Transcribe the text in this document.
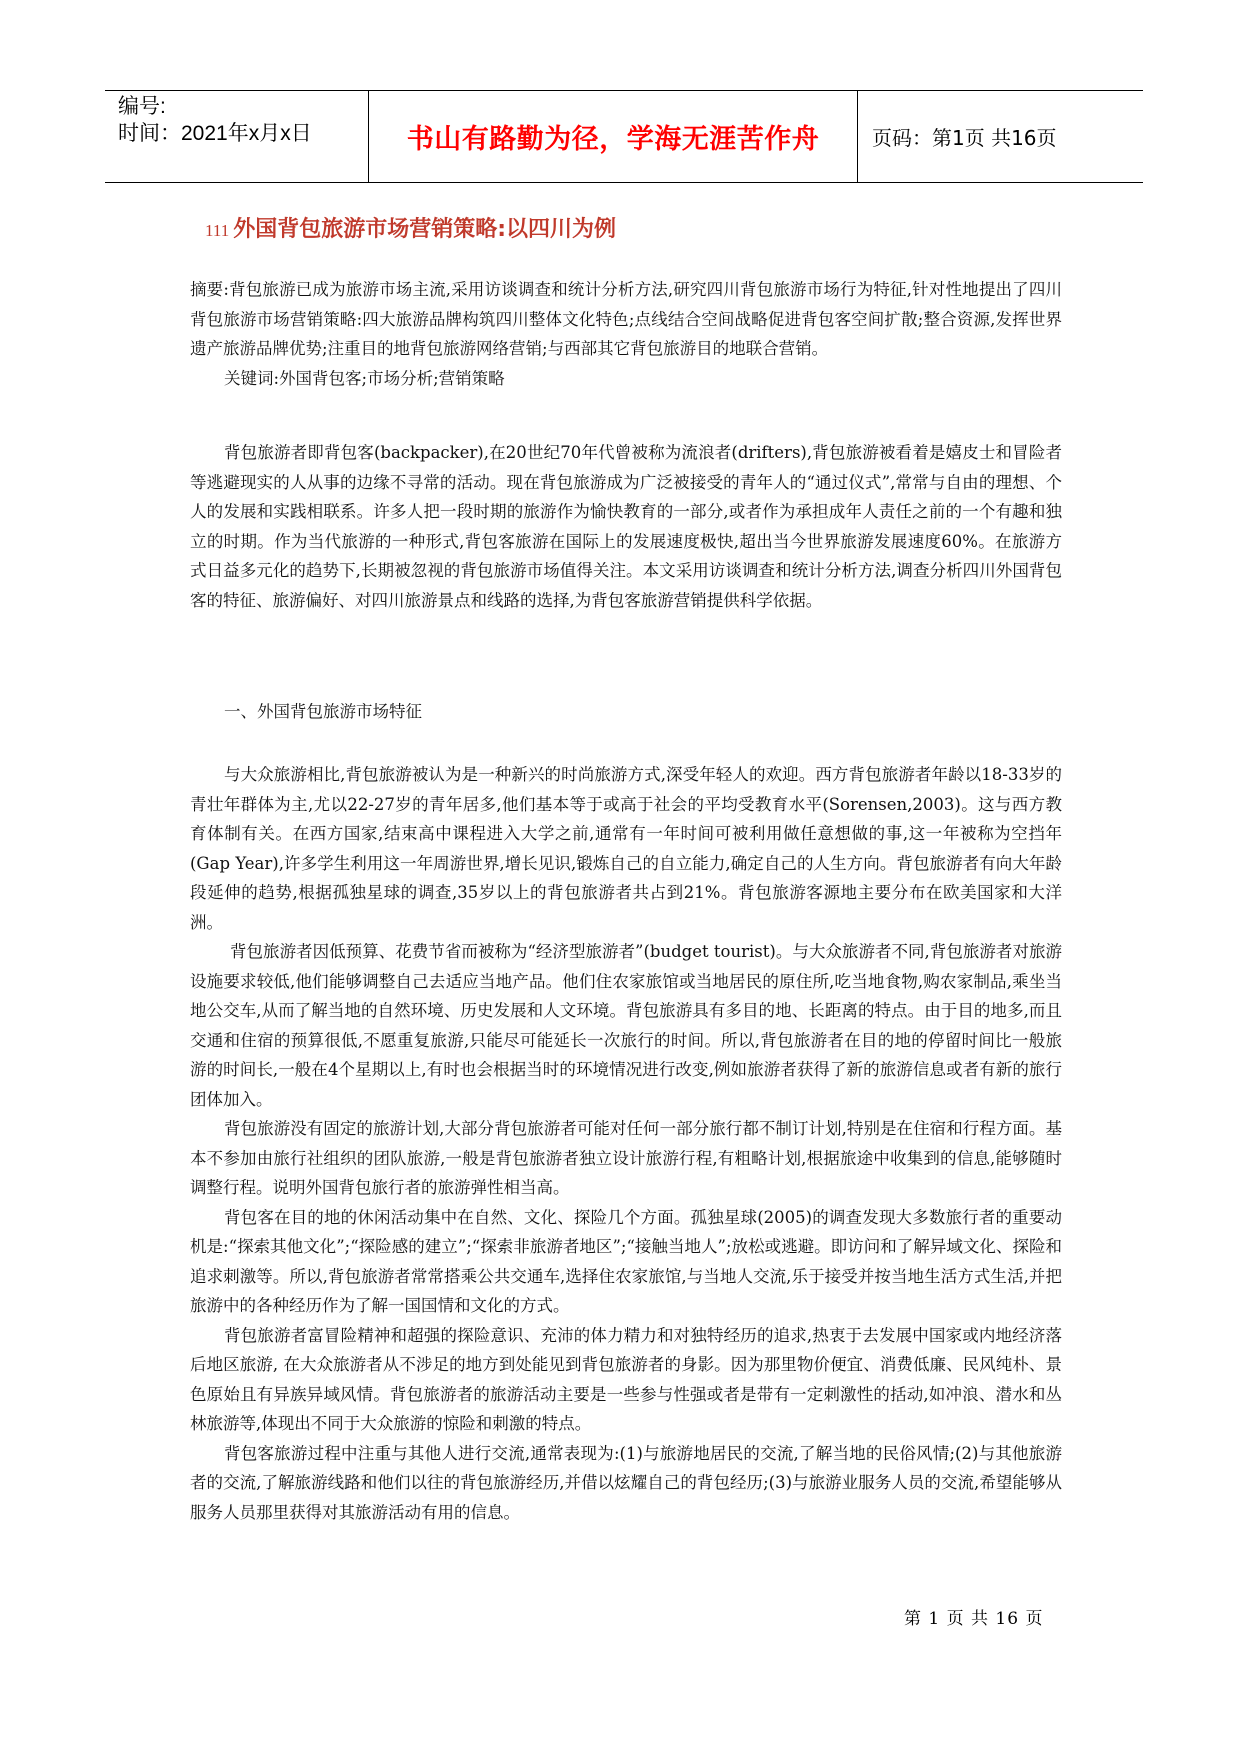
编号:
时间：2021年x月x日	书山有路勤为径，学海无涯苦作舟	页码：第1页 共16页
111 外国背包旅游市场营销策略:以四川为例

摘要:背包旅游已成为旅游市场主流,采用访谈调查和统计分析方法,研究四川背包旅游市场行为特征,针对性地提出了四川背包旅游市场营销策略:四大旅游品牌构筑四川整体文化特色;点线结合空间战略促进背包客空间扩散;整合资源,发挥世界遗产旅游品牌优势;注重目的地背包旅游网络营销;与西部其它背包旅游目的地联合营销。

关键词:外国背包客;市场分析;营销策略

背包旅游者即背包客(backpacker),在20世纪70年代曾被称为流浪者(drifters),背包旅游被看着是嬉皮士和冒险者等逃避现实的人从事的边缘不寻常的活动。现在背包旅游成为广泛被接受的青年人的“通过仪式”,常常与自由的理想、个人的发展和实践相联系。许多人把一段时期的旅游作为愉快教育的一部分,或者作为承担成年人责任之前的一个有趣和独立的时期。作为当代旅游的一种形式,背包客旅游在国际上的发展速度极快,超出当今世界旅游发展速度60%。在旅游方式日益多元化的趋势下,长期被忽视的背包旅游市场值得关注。本文采用访谈调查和统计分析方法,调查分析四川外国背包客的特征、旅游偏好、对四川旅游景点和线路的选择,为背包客旅游营销提供科学依据。

一、外国背包旅游市场特征

与大众旅游相比,背包旅游被认为是一种新兴的时尚旅游方式,深受年轻人的欢迎。西方背包旅游者年龄以18-33岁的青壮年群体为主,尤以22-27岁的青年居多,他们基本等于或高于社会的平均受教育水平(Sorensen,2003)。这与西方教育体制有关。在西方国家,结束高中课程进入大学之前,通常有一年时间可被利用做任意想做的事,这一年被称为空挡年(Gap Year),许多学生利用这一年周游世界,增长见识,锻炼自己的自立能力,确定自己的人生方向。背包旅游者有向大年龄段延伸的趋势,根据孤独星球的调查,35岁以上的背包旅游者共占到21%。背包旅游客源地主要分布在欧美国家和大洋洲。

背包旅游者因低预算、花费节省而被称为“经济型旅游者”(budget tourist)。与大众旅游者不同,背包旅游者对旅游设施要求较低,他们能够调整自己去适应当地产品。他们住农家旅馆或当地居民的原住所,吃当地食物,购农家制品,乘坐当地公交车,从而了解当地的自然环境、历史发展和人文环境。背包旅游具有多目的地、长距离的特点。由于目的地多,而且交通和住宿的预算很低,不愿重复旅游,只能尽可能延长一次旅行的时间。所以,背包旅游者在目的地的停留时间比一般旅游的时间长,一般在4个星期以上,有时也会根据当时的环境情况进行改变,例如旅游者获得了新的旅游信息或者有新的旅行团体加入。

背包旅游没有固定的旅游计划,大部分背包旅游者可能对任何一部分旅行都不制订计划,特别是在住宿和行程方面。基本不参加由旅行社组织的团队旅游,一般是背包旅游者独立设计旅游行程,有粗略计划,根据旅途中收集到的信息,能够随时调整行程。说明外国背包旅行者的旅游弹性相当高。

背包客在目的地的休闲活动集中在自然、文化、探险几个方面。孤独星球(2005)的调查发现大多数旅行者的重要动机是:“探索其他文化”;“探险感的建立”;“探索非旅游者地区”;“接触当地人”;放松或逃避。即访问和了解异域文化、探险和追求刺激等。所以,背包旅游者常常搭乘公共交通车,选择住农家旅馆,与当地人交流,乐于接受并按当地生活方式生活,并把旅游中的各种经历作为了解一国国情和文化的方式。

背包旅游者富冒险精神和超强的探险意识、充沛的体力精力和对独特经历的追求,热衷于去发展中国家或内地经济落后地区旅游, 在大众旅游者从不涉足的地方到处能见到背包旅游者的身影。因为那里物价便宜、消费低廉、民风纯朴、景色原始且有异族异域风情。背包旅游者的旅游活动主要是一些参与性强或者是带有一定刺激性的括动,如冲浪、潜水和丛林旅游等,体现出不同于大众旅游的惊险和刺激的特点。

背包客旅游过程中注重与其他人进行交流,通常表现为:(1)与旅游地居民的交流,了解当地的民俗风情;(2)与其他旅游者的交流,了解旅游线路和他们以往的背包旅游经历,并借以炫耀自己的背包经历;(3)与旅游业服务人员的交流,希望能够从服务人员那里获得对其旅游活动有用的信息。

第 1 页 共 16 页
